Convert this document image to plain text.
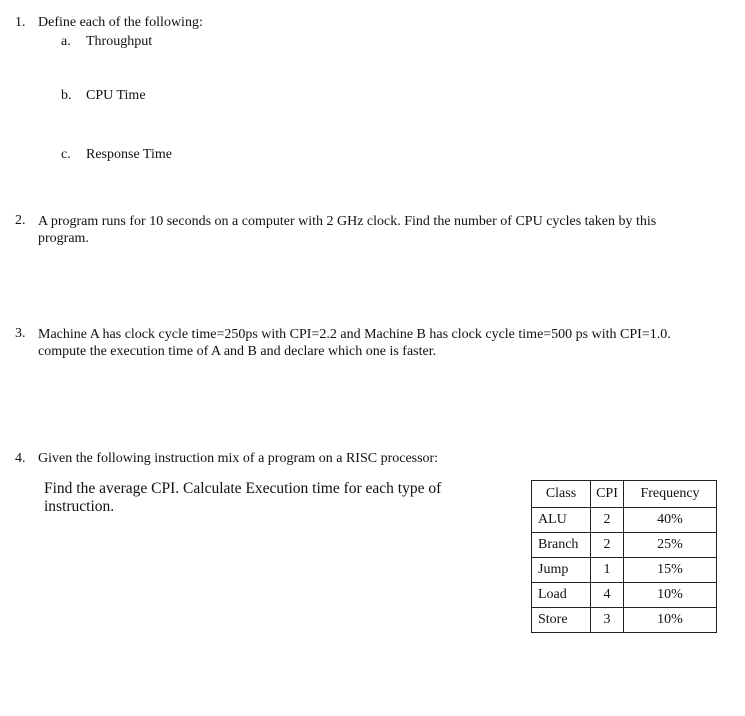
1. Define each of the following:
a. Throughput
b. CPU Time
c. Response Time
2. A program runs for 10 seconds on a computer with 2 GHz clock. Find the number of CPU cycles taken by this
program.
3. Machine A has clock cycle time=250ps with CPI=2.2 and Machine B has clock cycle time=500 ps with CPI=1.0.
compute the execution time of A and B and declare which one is faster.
4. Given the following instruction mix of a program on a RISC processor:
Find the average CPI. Calculate Execution time for each type of
instruction.
Class	CPI	Frequency
ALU	2	40%
Branch	2	25%
Jump	1	15%
Load	4	10%
Store	3	10%
